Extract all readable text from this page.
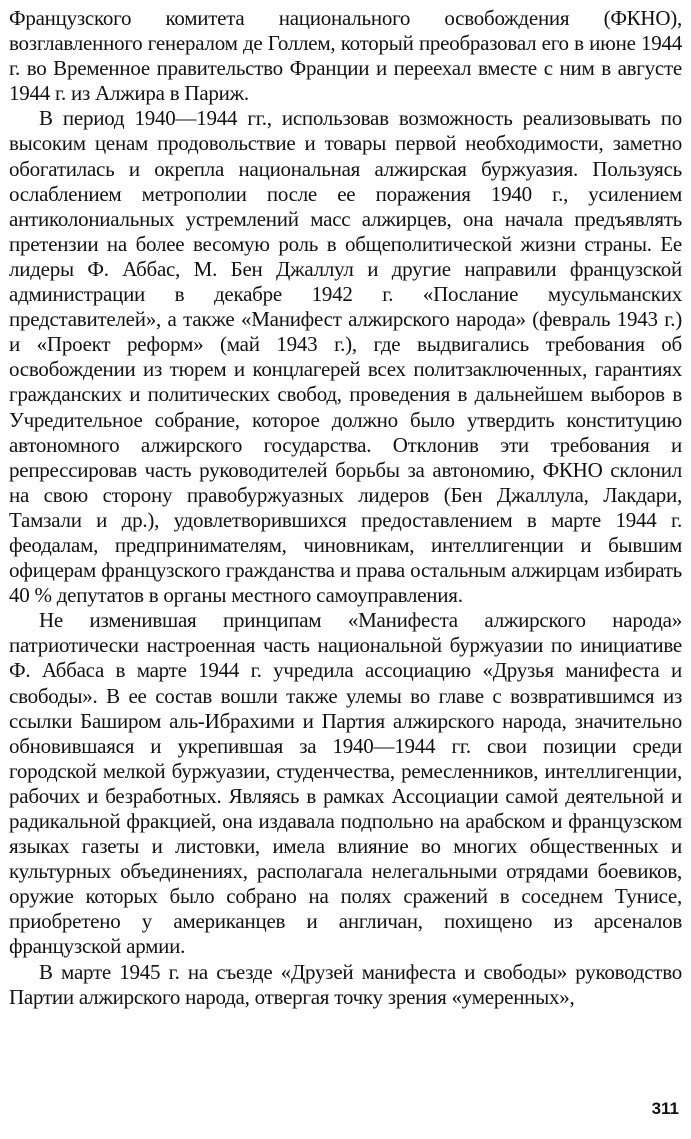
Французского комитета национального освобождения (ФКНО), возглавленного генералом де Голлем, который преобразовал его в июне 1944 г. во Временное правительство Франции и переехал вместе с ним в августе 1944 г. из Алжира в Париж.

В период 1940—1944 гг., использовав возможность реализовывать по высоким ценам продовольствие и товары первой необходимости, заметно обогатилась и окрепла национальная алжирская буржуазия. Пользуясь ослаблением метрополии после ее поражения 1940 г., усилением антиколониальных устремлений масс алжирцев, она начала предъявлять претензии на более весомую роль в общеполитической жизни страны. Ее лидеры Ф. Аббас, М. Бен Джаллул и другие направили французской администрации в декабре 1942 г. «Послание мусульманских представителей», а также «Манифест алжирского народа» (февраль 1943 г.) и «Проект реформ» (май 1943 г.), где выдвигались требования об освобождении из тюрем и концлагерей всех политзаключенных, гарантиях гражданских и политических свобод, проведения в дальнейшем выборов в Учредительное собрание, которое должно было утвердить конституцию автономного алжирского государства. Отклонив эти требования и репрессировав часть руководителей борьбы за автономию, ФКНО склонил на свою сторону правобуржуазных лидеров (Бен Джаллула, Лакдари, Тамзали и др.), удовлетворившихся предоставлением в марте 1944 г. феодалам, предпринимателям, чиновникам, интеллигенции и бывшим офицерам французского гражданства и права остальным алжирцам избирать 40 % депутатов в органы местного самоуправления.

Не изменившая принципам «Манифеста алжирского народа» патриотически настроенная часть национальной буржуазии по инициативе Ф. Аббаса в марте 1944 г. учредила ассоциацию «Друзья манифеста и свободы». В ее состав вошли также улемы во главе с возвратившимся из ссылки Баширом аль-Ибрахими и Партия алжирского народа, значительно обновившаяся и укрепившая за 1940—1944 гг. свои позиции среди городской мелкой буржуазии, студенчества, ремесленников, интеллигенции, рабочих и безработных. Являясь в рамках Ассоциации самой деятельной и радикальной фракцией, она издавала подпольно на арабском и французском языках газеты и листовки, имела влияние во многих общественных и культурных объединениях, располагала нелегальными отрядами боевиков, оружие которых было собрано на полях сражений в соседнем Тунисе, приобретено у американцев и англичан, похищено из арсеналов французской армии.

В марте 1945 г. на съезде «Друзей манифеста и свободы» руководство Партии алжирского народа, отвергая точку зрения «умеренных»,

311
